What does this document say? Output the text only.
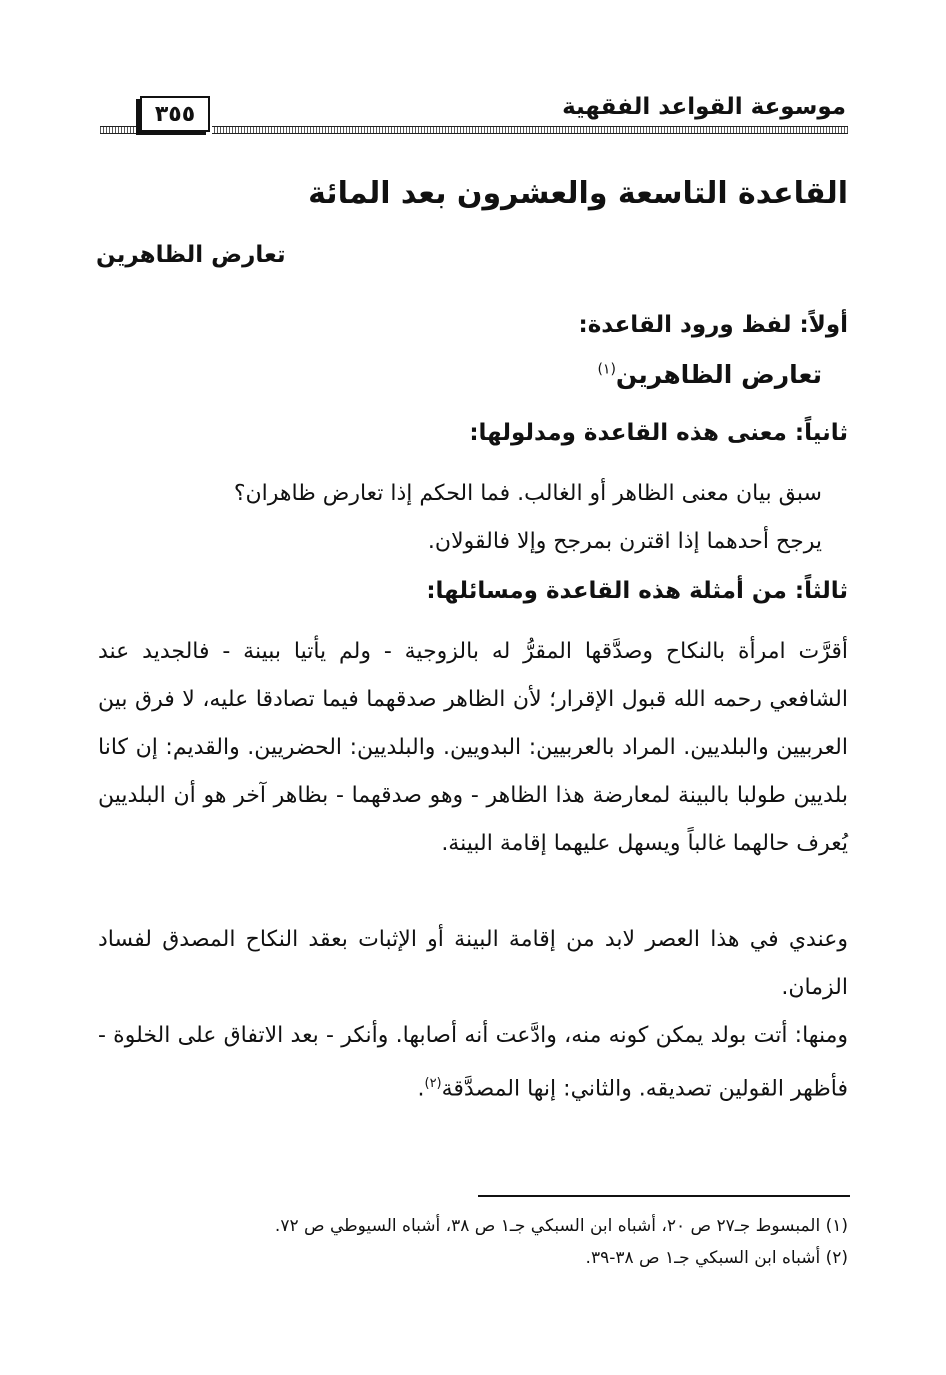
موسوعة القواعد الفقهية
٣٥٥
القاعدة التاسعة والعشرون بعد المائة
تعارض الظاهرين
أولاً: لفظ ورود القاعدة:
تعارض الظاهرين$^{(١)}$
ثانياً: معنى هذه القاعدة ومدلولها:
سبق بيان معنى الظاهر أو الغالب. فما الحكم إذا تعارض ظاهران؟
يرجح أحدهما إذا اقترن بمرجح وإلا فالقولان.
ثالثاً: من أمثلة هذه القاعدة ومسائلها:
أقرَّت امرأة بالنكاح وصدَّقها المقرُّ له بالزوجية - ولم يأتيا ببينة - فالجديد عند الشافعي رحمه الله قبول الإقرار؛ لأن الظاهر صدقهما فيما تصادقا عليه، لا فرق بين العربيين والبلديين. المراد بالعربيين: البدويين. والبلديين: الحضريين. والقديم: إن كانا بلديين طولبا بالبينة لمعارضة هذا الظاهر - وهو صدقهما - بظاهر آخر هو أن البلديين يُعرف حالهما غالباً ويسهل عليهما إقامة البينة.
وعندي في هذا العصر لابد من إقامة البينة أو الإثبات بعقد النكاح المصدق لفساد الزمان.
ومنها: أتت بولد يمكن كونه منه، وادَّعت أنه أصابها. وأنكر - بعد الاتفاق على الخلوة - فأظهر القولين تصديقه. والثاني: إنها المصدَّقة$^{(٢)}$.
(١) المبسوط جـ٢٧ ص ٢٠، أشباه ابن السبكي جـ١ ص ٣٨، أشباه السيوطي ص ٧٢.
(٢) أشباه ابن السبكي جـ١ ص ٣٨-٣٩.
